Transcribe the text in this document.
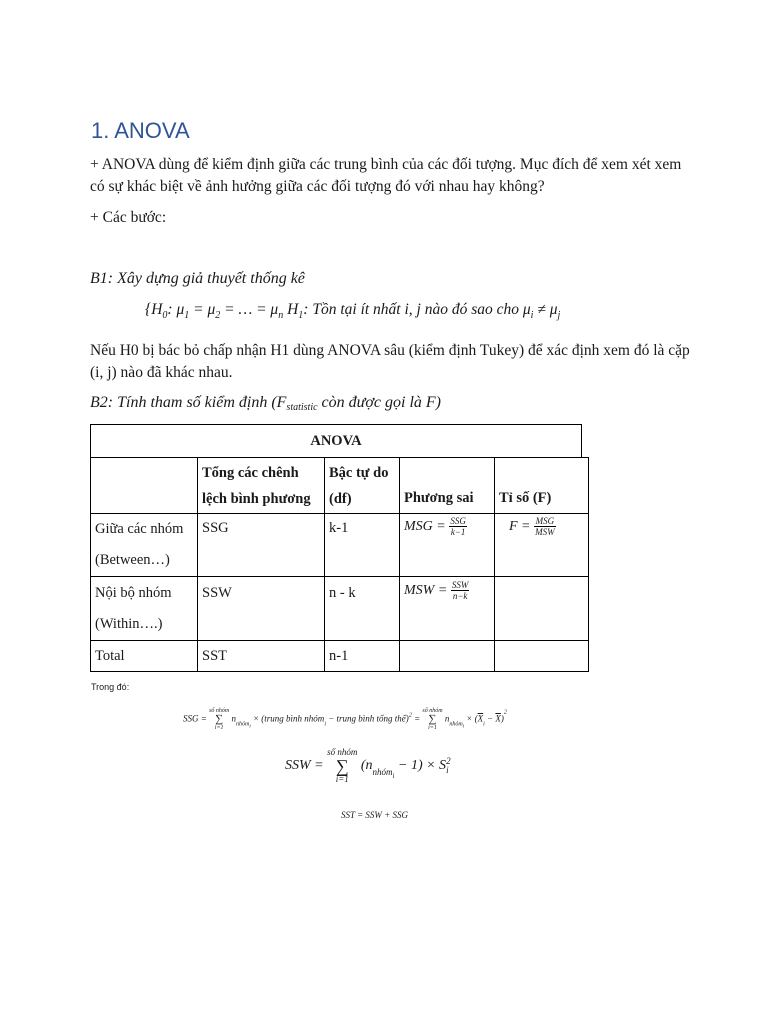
1. ANOVA
+ ANOVA dùng để kiểm định giữa các trung bình của các đối tượng. Mục đích để xem xét xem có sự khác biệt về ảnh hưởng giữa các đối tượng đó với nhau hay không?
+ Các bước:
B1: Xây dựng giả thuyết thống kê
{$H_0$: $\mu_1 = \mu_2$ = … = $\mu_n$ $H_1$: Tồn tại ít nhất i, j nào đó sao cho $\mu_i \ne \mu_j$
Nếu H0 bị bác bỏ chấp nhận H1 dùng ANOVA sâu (kiểm định Tukey) để xác định xem đó là cặp (i, j) nào đã khác nhau.
B2: Tính tham số kiểm định (Fstatistic còn được gọi là F)
ANOVA
	Tổng các chênh lệch bình phương	Bậc tự do (df)	Phương sai	Tỉ số (F)
Giữa các nhóm (Between…)	SSG	k-1	MSG = $\frac{\text{SSG}}{k-1}$	$F = \frac{\text{MSG}}{\text{MSW}}$

Nội bộ nhóm (Within….)	SSW	n - k	MSW = $\frac{\text{SSW}}{n-k}$

Total	SST	n-1		
Trong đó:
SSG =
số nhóm
∑
i=1
$n_{nhómi}$ × (trung bình nhóm$_i$ − trung bình tổng thể)$^2$ =
số nhóm
∑
i=1
$n_{nhómi} \times (\overline{X}_i - \overline{X})^2$
SSW =
số nhóm
∑
i=1
$(n_{nhómi} - 1) \times S$ 2
i
SST = SSW + SSG
